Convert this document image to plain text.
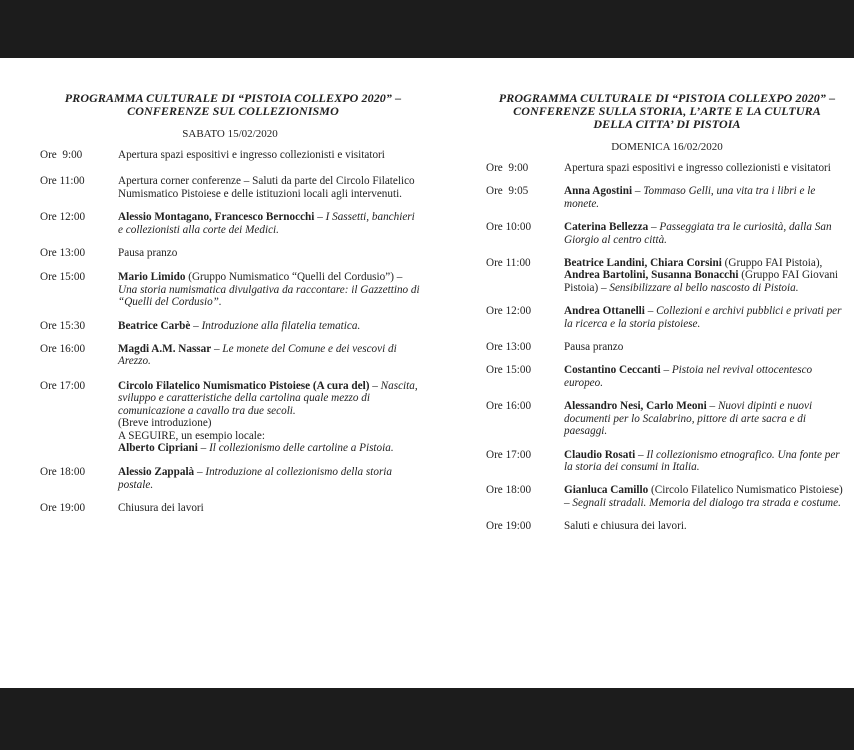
PROGRAMMA CULTURALE DI “PISTOIA COLLEXPO 2020” –
CONFERENZE SUL COLLEZIONISMO

SABATO 15/02/2020
Ore  9:00	Apertura spazi espositivi e ingresso collezionisti e visitatori
Ore 11:00	Apertura corner conferenze – Saluti da parte del Circolo Filatelico Numismatico Pistoiese e delle istituzioni locali agli intervenuti.
Ore 12:00	Alessio Montagano, Francesco Bernocchi – I Sassetti, banchieri e collezionisti alla corte dei Medici.
Ore 13:00	Pausa pranzo
Ore 15:00	Mario Limido (Gruppo Numismatico “Quelli del Cordusio”) – Una storia numismatica divulgativa da raccontare: il Gazzettino di “Quelli del Cordusio”.
Ore 15:30	Beatrice Carbè – Introduzione alla filatelia tematica.
Ore 16:00	Magdi A.M. Nassar – Le monete del Comune e dei vescovi di Arezzo.
Ore 17:00	Circolo Filatelico Numismatico Pistoiese (A cura del) – Nascita, sviluppo e caratteristiche della cartolina quale mezzo di comunicazione a cavallo tra due secoli.
(Breve introduzione)
A SEGUIRE, un esempio locale:
Alberto Cipriani – Il collezionismo delle cartoline a Pistoia.
Ore 18:00	Alessio Zappalà – Introduzione al collezionismo della storia postale.
Ore 19:00	Chiusura dei lavori

PROGRAMMA CULTURALE DI “PISTOIA COLLEXPO 2020” –
CONFERENZE SULLA STORIA, L’ARTE E LA CULTURA
DELLA CITTA’ DI PISTOIA

DOMENICA 16/02/2020
Ore  9:00	Apertura spazi espositivi e ingresso collezionisti e visitatori
Ore  9:05	Anna Agostini – Tommaso Gelli, una vita tra i libri e le monete.
Ore 10:00	Caterina Bellezza – Passeggiata tra le curiosità, dalla San Giorgio al centro città.
Ore 11:00	Beatrice Landini, Chiara Corsini (Gruppo FAI Pistoia), Andrea Bartolini, Susanna Bonacchi (Gruppo FAI Giovani Pistoia) – Sensibilizzare al bello nascosto di Pistoia.
Ore 12:00	Andrea Ottanelli – Collezioni e archivi pubblici e privati per la ricerca e la storia pistoiese.
Ore 13:00	Pausa pranzo
Ore 15:00	Costantino Ceccanti – Pistoia nel revival ottocentesco europeo.
Ore 16:00	Alessandro Nesi, Carlo Meoni – Nuovi dipinti e nuovi documenti per lo Scalabrino, pittore di arte sacra e di paesaggi.
Ore 17:00	Claudio Rosati – Il collezionismo etnografico. Una fonte per la storia dei consumi in Italia.
Ore 18:00	Gianluca Camillo (Circolo Filatelico Numismatico Pistoiese) – Segnali stradali. Memoria del dialogo tra strada e costume.
Ore 19:00	Saluti e chiusura dei lavori.
